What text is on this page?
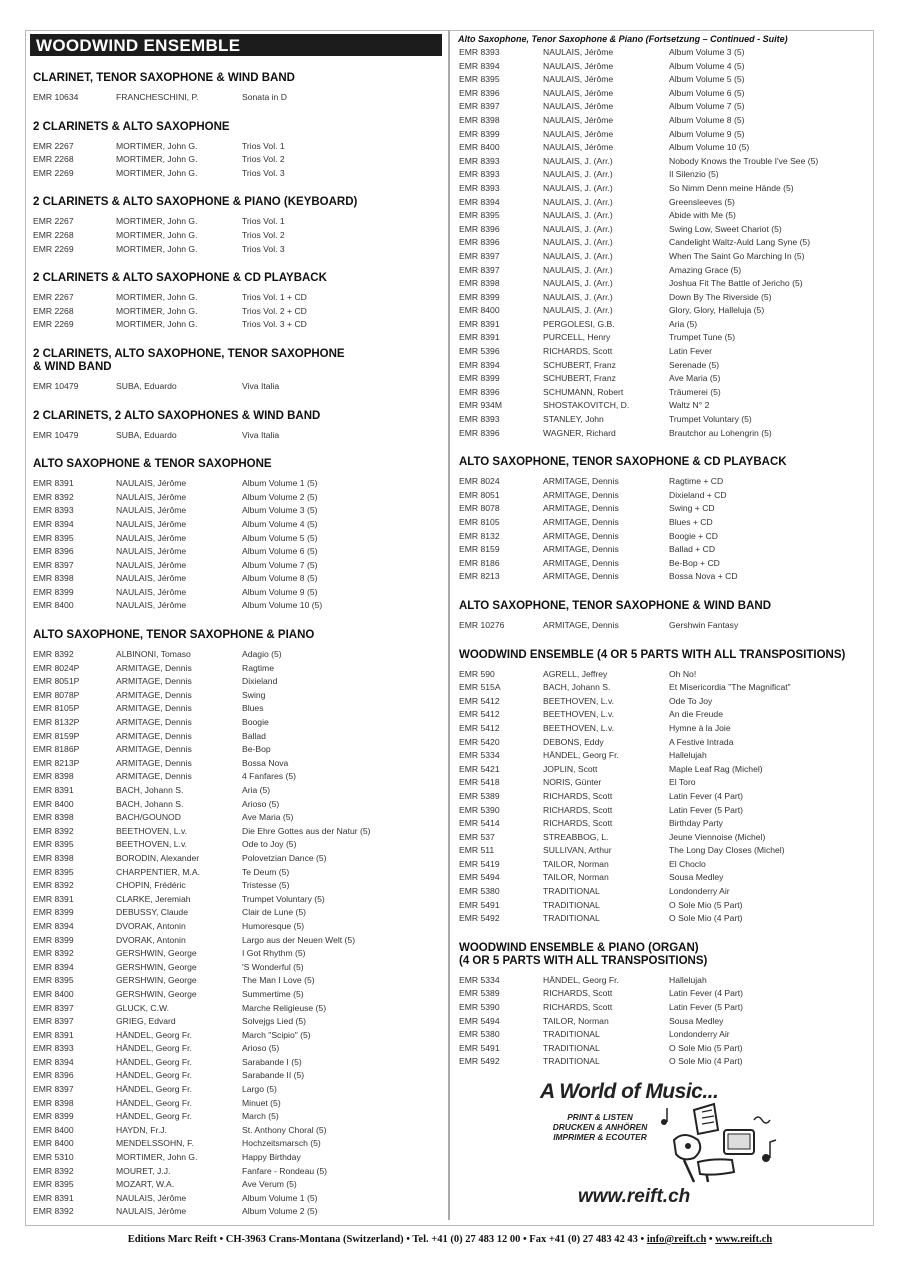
WOODWIND ENSEMBLE
CLARINET, TENOR SAXOPHONE & WIND BAND
EMR 10634	FRANCHESCHINI, P.	Sonata in D
2 CLARINETS & ALTO SAXOPHONE
EMR 2267	MORTIMER, John G.	Trios Vol. 1
EMR 2268	MORTIMER, John G.	Trios Vol. 2
EMR 2269	MORTIMER, John G.	Trios Vol. 3
2 CLARINETS & ALTO SAXOPHONE & PIANO (KEYBOARD)
EMR 2267	MORTIMER, John G.	Trios Vol. 1
EMR 2268	MORTIMER, John G.	Trios Vol. 2
EMR 2269	MORTIMER, John G.	Trios Vol. 3
2 CLARINETS & ALTO SAXOPHONE & CD PLAYBACK
EMR 2267	MORTIMER, John G.	Trios Vol. 1 + CD
EMR 2268	MORTIMER, John G.	Trios Vol. 2 + CD
EMR 2269	MORTIMER, John G.	Trios Vol. 3 + CD
2 CLARINETS, ALTO SAXOPHONE, TENOR SAXOPHONE
& WIND BAND
EMR 10479	SUBA, Eduardo	Viva Italia
2 CLARINETS, 2 ALTO SAXOPHONES & WIND BAND
EMR 10479	SUBA, Eduardo	Viva Italia
ALTO SAXOPHONE & TENOR SAXOPHONE
EMR 8391	NAULAIS, Jérôme	Album Volume 1 (5)
EMR 8392	NAULAIS, Jérôme	Album Volume 2 (5)
EMR 8393	NAULAIS, Jérôme	Album Volume 3 (5)
EMR 8394	NAULAIS, Jérôme	Album Volume 4 (5)
EMR 8395	NAULAIS, Jérôme	Album Volume 5 (5)
EMR 8396	NAULAIS, Jérôme	Album Volume 6 (5)
EMR 8397	NAULAIS, Jérôme	Album Volume 7 (5)
EMR 8398	NAULAIS, Jérôme	Album Volume 8 (5)
EMR 8399	NAULAIS, Jérôme	Album Volume 9 (5)
EMR 8400	NAULAIS, Jérôme	Album Volume 10 (5)
ALTO SAXOPHONE, TENOR SAXOPHONE & PIANO
EMR 8392	ALBINONI, Tomaso	Adagio (5)
EMR 8024P	ARMITAGE, Dennis	Ragtime
EMR 8051P	ARMITAGE, Dennis	Dixieland
EMR 8078P	ARMITAGE, Dennis	Swing
EMR 8105P	ARMITAGE, Dennis	Blues
EMR 8132P	ARMITAGE, Dennis	Boogie
EMR 8159P	ARMITAGE, Dennis	Ballad
EMR 8186P	ARMITAGE, Dennis	Be-Bop
EMR 8213P	ARMITAGE, Dennis	Bossa Nova
EMR 8398	ARMITAGE, Dennis	4 Fanfares (5)
EMR 8391	BACH, Johann S.	Aria (5)
EMR 8400	BACH, Johann S.	Arioso (5)
EMR 8398	BACH/GOUNOD	Ave Maria (5)
EMR 8392	BEETHOVEN, L.v.	Die Ehre Gottes aus der Natur (5)
EMR 8395	BEETHOVEN, L.v.	Ode to Joy (5)
EMR 8398	BORODIN, Alexander	Polovetzian Dance (5)
EMR 8395	CHARPENTIER, M.A.	Te Deum (5)
EMR 8392	CHOPIN, Frédéric	Tristesse (5)
EMR 8391	CLARKE, Jeremiah	Trumpet Voluntary (5)
EMR 8399	DEBUSSY, Claude	Clair de Lune (5)
EMR 8394	DVORAK, Antonin	Humoresque (5)
EMR 8399	DVORAK, Antonin	Largo aus der Neuen Welt (5)
EMR 8392	GERSHWIN, George	I Got Rhythm (5)
EMR 8394	GERSHWIN, George	'S Wonderful (5)
EMR 8395	GERSHWIN, George	The Man I Love (5)
EMR 8400	GERSHWIN, George	Summertime (5)
EMR 8397	GLUCK, C.W.	Marche Religieuse (5)
EMR 8397	GRIEG, Edvard	Solvejgs Lied (5)
EMR 8391	HÄNDEL, Georg Fr.	March "Scipio" (5)
EMR 8393	HÄNDEL, Georg Fr.	Arioso (5)
EMR 8394	HÄNDEL, Georg Fr.	Sarabande I (5)
EMR 8396	HÄNDEL, Georg Fr.	Sarabande II (5)
EMR 8397	HÄNDEL, Georg Fr.	Largo (5)
EMR 8398	HÄNDEL, Georg Fr.	Minuet (5)
EMR 8399	HÄNDEL, Georg Fr.	March (5)
EMR 8400	HAYDN, Fr.J.	St. Anthony Choral (5)
EMR 8400	MENDELSSOHN, F.	Hochzeitsmarsch (5)
EMR 5310	MORTIMER, John G.	Happy Birthday
EMR 8392	MOURET, J.J.	Fanfare - Rondeau (5)
EMR 8395	MOZART, W.A.	Ave Verum (5)
EMR 8391	NAULAIS, Jérôme	Album Volume 1 (5)
EMR 8392	NAULAIS, Jérôme	Album Volume 2 (5)
Alto Saxophone, Tenor Saxophone & Piano (Fortsetzung – Continued - Suite)
EMR 8393	NAULAIS, Jérôme	Album Volume 3 (5)
EMR 8394	NAULAIS, Jérôme	Album Volume 4 (5)
EMR 8395	NAULAIS, Jérôme	Album Volume 5 (5)
EMR 8396	NAULAIS, Jérôme	Album Volume 6 (5)
EMR 8397	NAULAIS, Jérôme	Album Volume 7 (5)
EMR 8398	NAULAIS, Jérôme	Album Volume 8 (5)
EMR 8399	NAULAIS, Jérôme	Album Volume 9 (5)
EMR 8400	NAULAIS, Jérôme	Album Volume 10 (5)
EMR 8393	NAULAIS, J. (Arr.)	Nobody Knows the Trouble I've See (5)
EMR 8393	NAULAIS, J. (Arr.)	Il Silenzio (5)
EMR 8393	NAULAIS, J. (Arr.)	So Nimm Denn meine Hände (5)
EMR 8394	NAULAIS, J. (Arr.)	Greensleeves (5)
EMR 8395	NAULAIS, J. (Arr.)	Abide with Me (5)
EMR 8396	NAULAIS, J. (Arr.)	Swing Low, Sweet Chariot (5)
EMR 8396	NAULAIS, J. (Arr.)	Candelight Waltz-Auld Lang Syne (5)
EMR 8397	NAULAIS, J. (Arr.)	When The Saint Go Marching In (5)
EMR 8397	NAULAIS, J. (Arr.)	Amazing Grace (5)
EMR 8398	NAULAIS, J. (Arr.)	Joshua Fit The Battle of Jericho (5)
EMR 8399	NAULAIS, J. (Arr.)	Down By The Riverside (5)
EMR 8400	NAULAIS, J. (Arr.)	Glory, Glory, Halleluja (5)
EMR 8391	PERGOLESI, G.B.	Aria (5)
EMR 8391	PURCELL, Henry	Trumpet Tune (5)
EMR 5396	RICHARDS, Scott	Latin Fever
EMR 8394	SCHUBERT, Franz	Serenade (5)
EMR 8399	SCHUBERT, Franz	Ave Maria (5)
EMR 8396	SCHUMANN, Robert	Träumerei (5)
EMR 934M	SHOSTAKOVITCH, D.	Waltz N° 2
EMR 8393	STANLEY, John	Trumpet Voluntary (5)
EMR 8396	WAGNER, Richard	Brautchor au Lohengrin (5)
ALTO SAXOPHONE, TENOR SAXOPHONE & CD PLAYBACK
EMR 8024	ARMITAGE, Dennis	Ragtime + CD
EMR 8051	ARMITAGE, Dennis	Dixieland + CD
EMR 8078	ARMITAGE, Dennis	Swing + CD
EMR 8105	ARMITAGE, Dennis	Blues + CD
EMR 8132	ARMITAGE, Dennis	Boogie + CD
EMR 8159	ARMITAGE, Dennis	Ballad + CD
EMR 8186	ARMITAGE, Dennis	Be-Bop + CD
EMR 8213	ARMITAGE, Dennis	Bossa Nova + CD
ALTO SAXOPHONE, TENOR SAXOPHONE & WIND BAND
EMR 10276	ARMITAGE, Dennis	Gershwin Fantasy
WOODWIND ENSEMBLE (4 OR 5 PARTS WITH ALL TRANSPOSITIONS)
EMR 590	AGRELL, Jeffrey	Oh No!
EMR 515A	BACH, Johann S.	Et Misericordia "The Magnificat"
EMR 5412	BEETHOVEN, L.v.	Ode To Joy
EMR 5412	BEETHOVEN, L.v.	An die Freude
EMR 5412	BEETHOVEN, L.v.	Hymne à la Joie
EMR 5420	DEBONS, Eddy	A Festive Intrada
EMR 5334	HÄNDEL, Georg Fr.	Hallelujah
EMR 5421	JOPLIN, Scott	Maple Leaf Rag (Michel)
EMR 5418	NORIS, Günter	El Toro
EMR 5389	RICHARDS, Scott	Latin Fever (4 Part)
EMR 5390	RICHARDS, Scott	Latin Fever (5 Part)
EMR 5414	RICHARDS, Scott	Birthday Party
EMR 537	STREABBOG, L.	Jeune Viennoise (Michel)
EMR 511	SULLIVAN, Arthur	The Long Day Closes (Michel)
EMR 5419	TAILOR, Norman	El Choclo
EMR 5494	TAILOR, Norman	Sousa Medley
EMR 5380	TRADITIONAL	Londonderry Air
EMR 5491	TRADITIONAL	O Sole Mio (5 Part)
EMR 5492	TRADITIONAL	O Sole Mio (4 Part)
WOODWIND ENSEMBLE & PIANO (ORGAN)
(4 OR 5 PARTS WITH ALL TRANSPOSITIONS)
EMR 5334	HÄNDEL, Georg Fr.	Hallelujah
EMR 5389	RICHARDS, Scott	Latin Fever (4 Part)
EMR 5390	RICHARDS, Scott	Latin Fever (5 Part)
EMR 5494	TAILOR, Norman	Sousa Medley
EMR 5380	TRADITIONAL	Londonderry Air
EMR 5491	TRADITIONAL	O Sole Mio (5 Part)
EMR 5492	TRADITIONAL	O Sole Mio (4 Part)
A World of Music...
PRINT & LISTEN
DRUCKEN & ANHÖREN
IMPRIMER & ECOUTER
www.reift.ch
Editions Marc Reift • CH-3963 Crans-Montana (Switzerland) • Tel. +41 (0) 27 483 12 00 • Fax +41 (0) 27 483 42 43 • info@reift.ch • www.reift.ch
